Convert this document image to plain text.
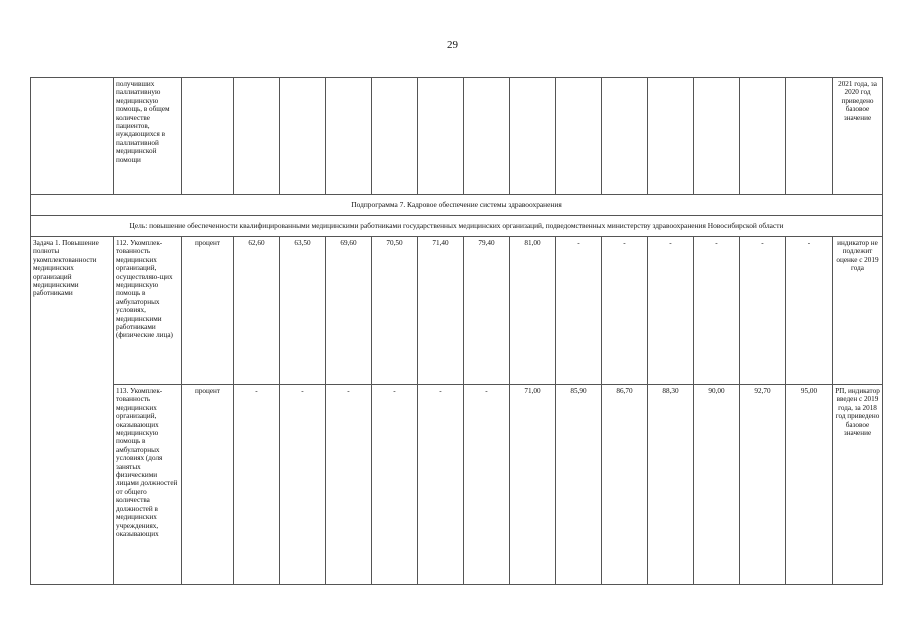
29
	получивших паллиативную медицинскую помощь, в общем количестве пациентов, нуждающихся в паллиативной медицинской помощи															2021 года, за 2020 год приведено базовое значение
Подпрограмма 7. Кадровое обеспечение системы здравоохранения																
Цель: повышение обеспеченности квалифицированными медицинскими работниками государственных медицинских организаций, подведомственных министерству здравоохранения Новосибирской области																
Задача 1. Повышение полноты укомплектованности медицинских организаций медицинскими работниками	112. Укомплек-тованность медицинских организаций, осуществляю-щих медицинскую помощь в амбулаторных условиях, медицинскими работниками (физические лица)	процент	62,60	63,50	69,60	70,50	71,40	79,40	81,00	-	-	-	-	-	-	индикатор не подлежит оценке с 2019 года
	113. Укомплек-тованность медицинских организаций, оказывающих медицинскую помощь в амбулаторных условиях (доля занятых физическими лицами должностей от общего количества должностей в медицинских учреждениях, оказывающих	процент	-	-	-	-	-	-	71,00	85,90	86,70	88,30	90,00	92,70	95,00	РП, индикатор введен с 2019 года, за 2018 год приведено базовое значение
